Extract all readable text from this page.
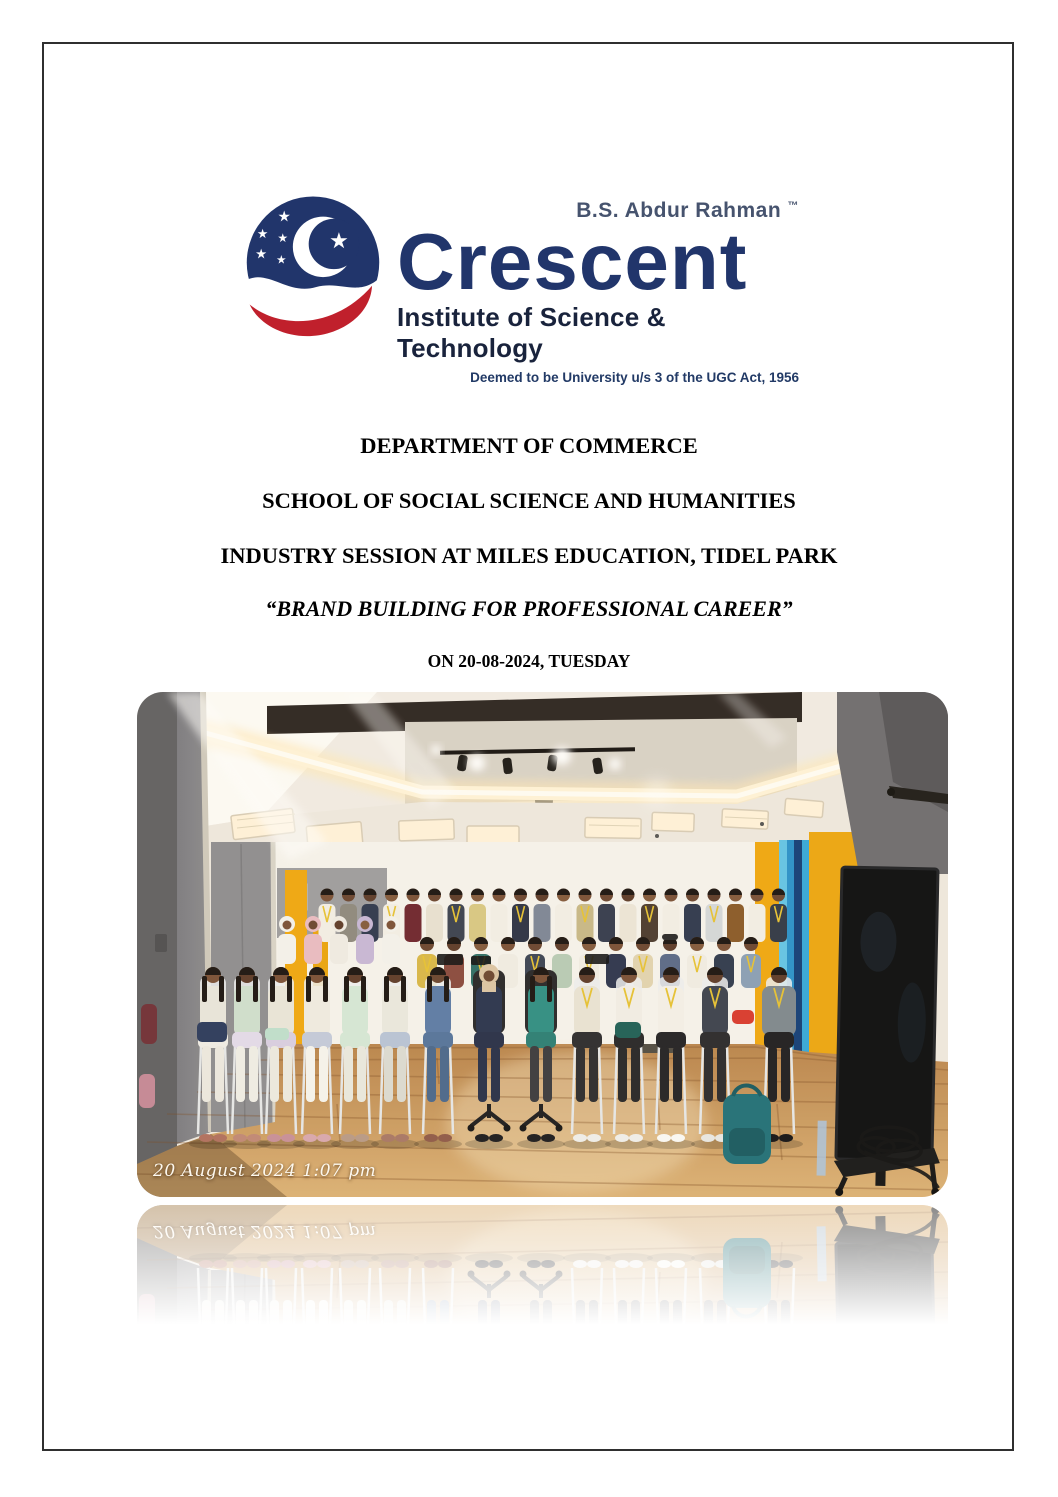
B.S. Abdur Rahman ™
Crescent
Institute of Science & Technology
Deemed to be University u/s 3 of the UGC Act, 1956
DEPARTMENT OF COMMERCE
SCHOOL OF SOCIAL SCIENCE AND HUMANITIES
INDUSTRY SESSION AT MILES EDUCATION, TIDEL PARK
“BRAND BUILDING FOR PROFESSIONAL CAREER”
ON 20-08-2024, TUESDAY
20 August 2024 1:07 pm
